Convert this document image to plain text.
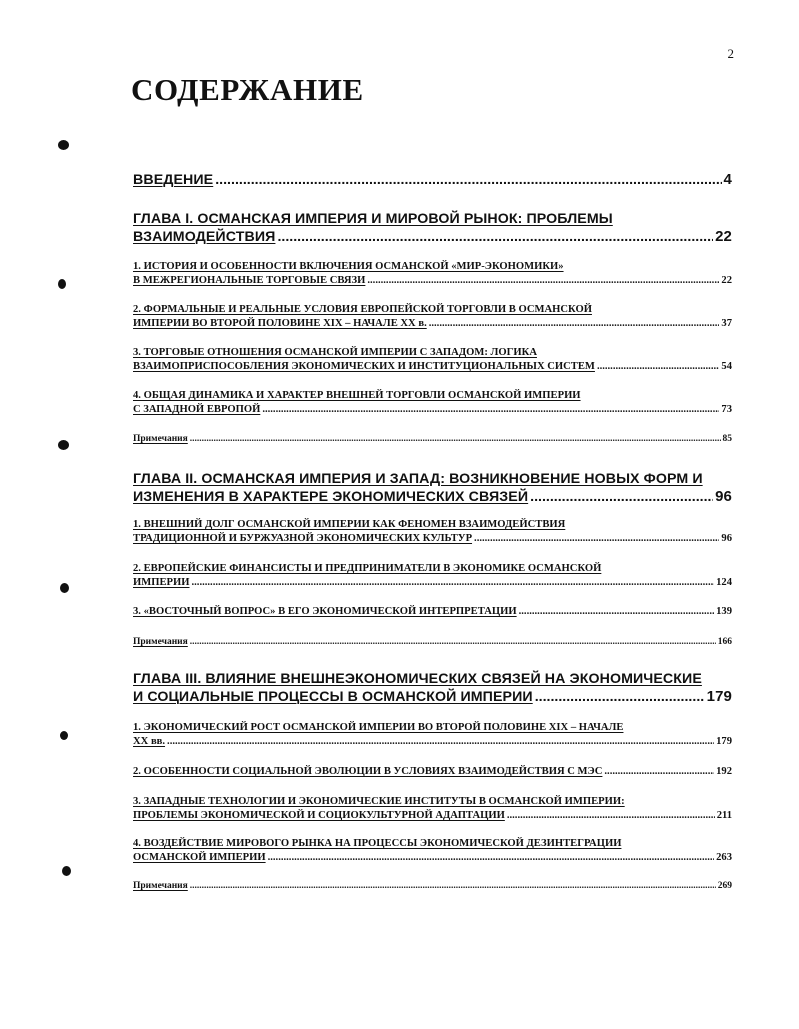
2
СОДЕРЖАНИЕ
ВВЕДЕНИЕ .....	4
ГЛАВА I. ОСМАНСКАЯ ИМПЕРИЯ И МИРОВОЙ РЫНОК: ПРОБЛЕМЫ
ВЗАИМОДЕЙСТВИЯ .....	22
1. ИСТОРИЯ И ОСОБЕННОСТИ ВКЛЮЧЕНИЯ ОСМАНСКОЙ «МИР-ЭКОНОМИКИ»
В МЕЖРЕГИОНАЛЬНЫЕ ТОРГОВЫЕ СВЯЗИ .....	22
2. ФОРМАЛЬНЫЕ И РЕАЛЬНЫЕ УСЛОВИЯ ЕВРОПЕЙСКОЙ ТОРГОВЛИ В ОСМАНСКОЙ
ИМПЕРИИ ВО ВТОРОЙ ПОЛОВИНЕ XIX – НАЧАЛЕ XX в. .....	37
3. ТОРГОВЫЕ ОТНОШЕНИЯ ОСМАНСКОЙ ИМПЕРИИ С ЗАПАДОМ: ЛОГИКА
ВЗАИМОПРИСПОСОБЛЕНИЯ ЭКОНОМИЧЕСКИХ И ИНСТИТУЦИОНАЛЬНЫХ СИСТЕМ .....	54
4. ОБЩАЯ ДИНАМИКА И ХАРАКТЕР ВНЕШНЕЙ ТОРГОВЛИ ОСМАНСКОЙ ИМПЕРИИ
С ЗАПАДНОЙ ЕВРОПОЙ .....	73
Примечания .....	85
ГЛАВА II. ОСМАНСКАЯ ИМПЕРИЯ И ЗАПАД: ВОЗНИКНОВЕНИЕ НОВЫХ ФОРМ И
ИЗМЕНЕНИЯ В ХАРАКТЕРЕ ЭКОНОМИЧЕСКИХ СВЯЗЕЙ .....	96
1. ВНЕШНИЙ ДОЛГ ОСМАНСКОЙ ИМПЕРИИ КАК ФЕНОМЕН ВЗАИМОДЕЙСТВИЯ
ТРАДИЦИОННОЙ И БУРЖУАЗНОЙ ЭКОНОМИЧЕСКИХ КУЛЬТУР .....	96
2. ЕВРОПЕЙСКИЕ ФИНАНСИСТЫ И ПРЕДПРИНИМАТЕЛИ В ЭКОНОМИКЕ ОСМАНСКОЙ
ИМПЕРИИ .....	124
3. «ВОСТОЧНЫЙ ВОПРОС» В ЕГО ЭКОНОМИЧЕСКОЙ ИНТЕРПРЕТАЦИИ .....	139
Примечания .....	166
ГЛАВА III. ВЛИЯНИЕ ВНЕШНЕЭКОНОМИЧЕСКИХ СВЯЗЕЙ НА ЭКОНОМИЧЕСКИЕ
И СОЦИАЛЬНЫЕ ПРОЦЕССЫ В ОСМАНСКОЙ ИМПЕРИИ .....	179
1. ЭКОНОМИЧЕСКИЙ РОСТ ОСМАНСКОЙ ИМПЕРИИ ВО ВТОРОЙ ПОЛОВИНЕ XIX – НАЧАЛЕ
XX вв. .....	179
2. ОСОБЕННОСТИ СОЦИАЛЬНОЙ ЭВОЛЮЦИИ В УСЛОВИЯХ ВЗАИМОДЕЙСТВИЯ С МЭС .....	192
3. ЗАПАДНЫЕ ТЕХНОЛОГИИ И ЭКОНОМИЧЕСКИЕ ИНСТИТУТЫ В ОСМАНСКОЙ ИМПЕРИИ:
ПРОБЛЕМЫ ЭКОНОМИЧЕСКОЙ И СОЦИОКУЛЬТУРНОЙ АДАПТАЦИИ .....	211
4. ВОЗДЕЙСТВИЕ МИРОВОГО РЫНКА НА ПРОЦЕССЫ ЭКОНОМИЧЕСКОЙ ДЕЗИНТЕГРАЦИИ
ОСМАНСКОЙ ИМПЕРИИ .....	263
Примечания .....	269
